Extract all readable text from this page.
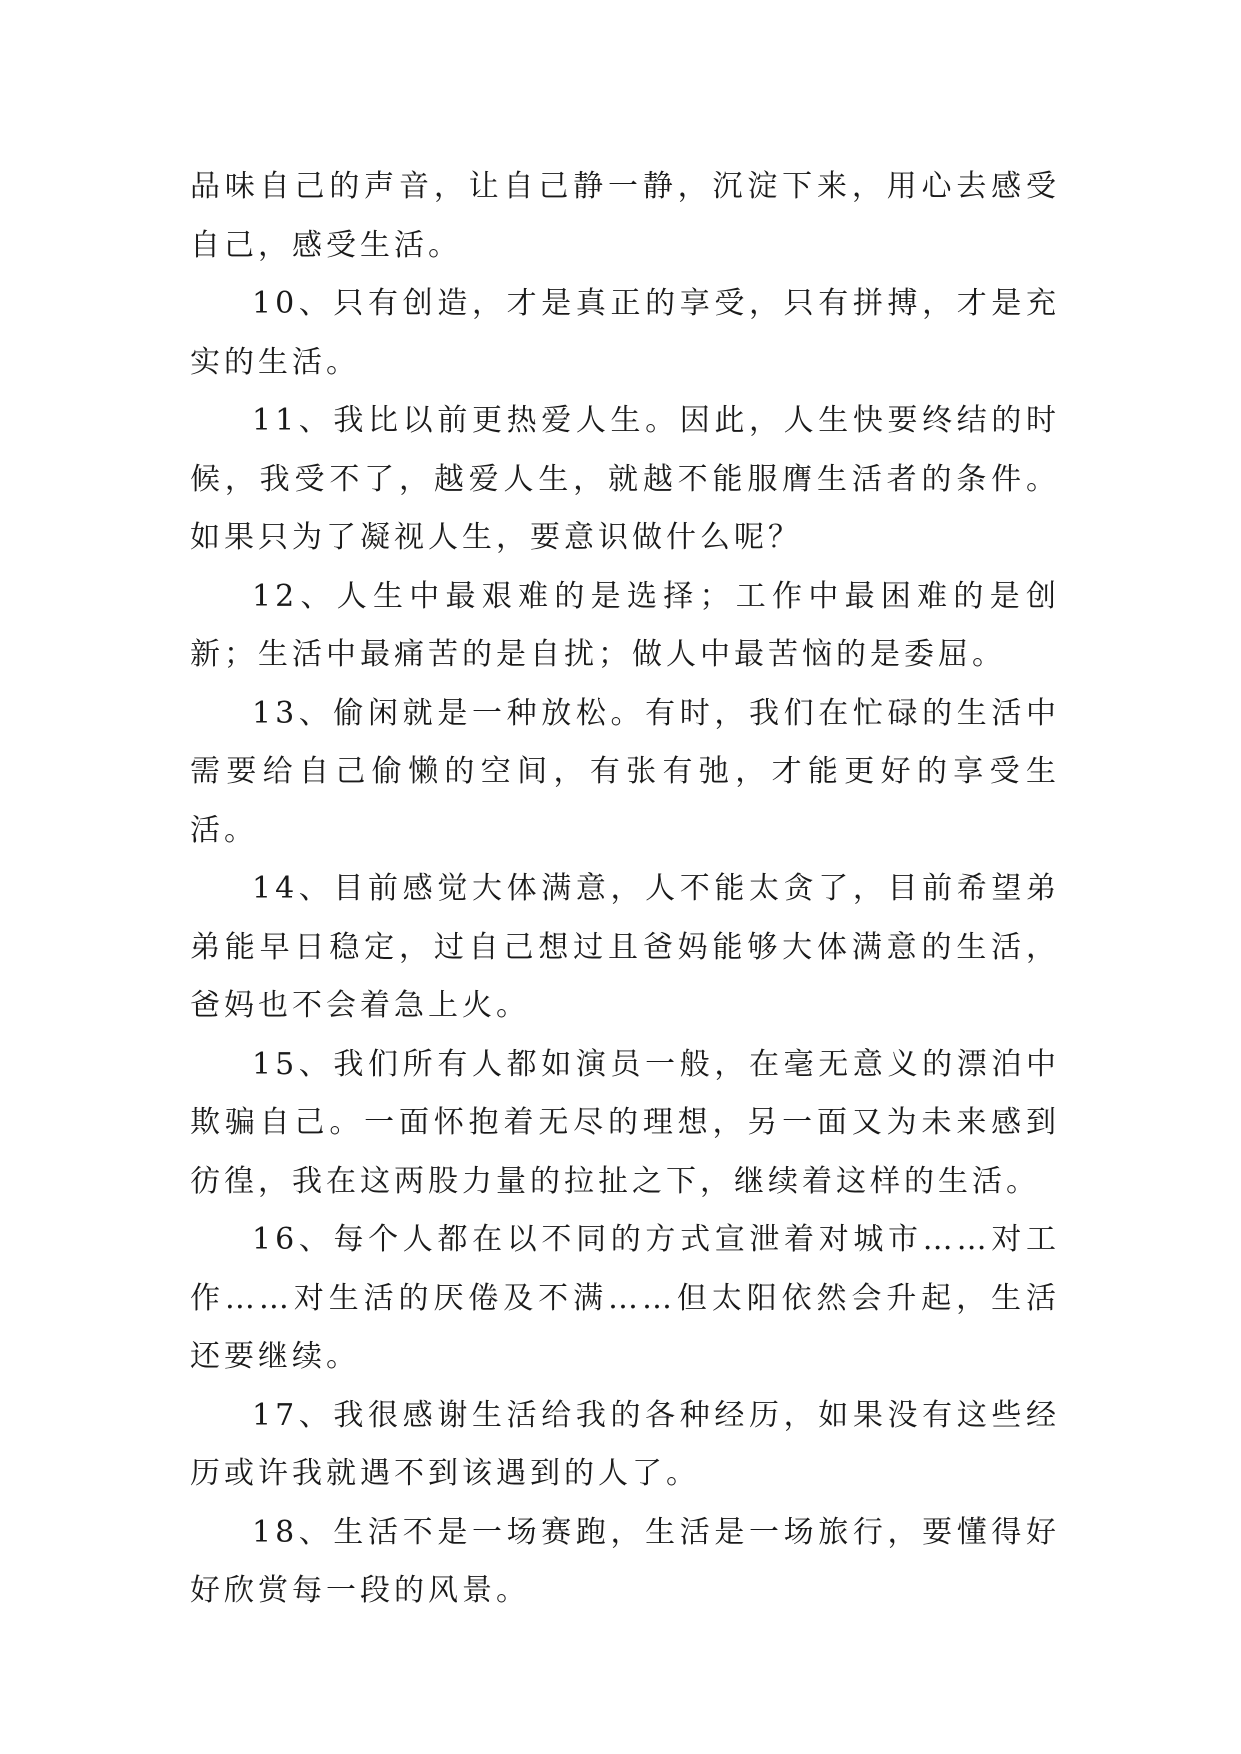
品味自己的声音，让自己静一静，沉淀下来，用心去感受自己，感受生活。

10、只有创造，才是真正的享受，只有拼搏，才是充实的生活。

11、我比以前更热爱人生。因此，人生快要终结的时候，我受不了，越爱人生，就越不能服膺生活者的条件。如果只为了凝视人生，要意识做什么呢？

12、人生中最艰难的是选择；工作中最困难的是创新；生活中最痛苦的是自扰；做人中最苦恼的是委屈。

13、偷闲就是一种放松。有时，我们在忙碌的生活中需要给自己偷懒的空间，有张有弛，才能更好的享受生活。

14、目前感觉大体满意，人不能太贪了，目前希望弟弟能早日稳定，过自己想过且爸妈能够大体满意的生活，爸妈也不会着急上火。

15、我们所有人都如演员一般，在毫无意义的漂泊中欺骗自己。一面怀抱着无尽的理想，另一面又为未来感到彷徨，我在这两股力量的拉扯之下，继续着这样的生活。

16、每个人都在以不同的方式宣泄着对城市……对工作……对生活的厌倦及不满……但太阳依然会升起，生活还要继续。

17、我很感谢生活给我的各种经历，如果没有这些经历或许我就遇不到该遇到的人了。

18、生活不是一场赛跑，生活是一场旅行，要懂得好好欣赏每一段的风景。
